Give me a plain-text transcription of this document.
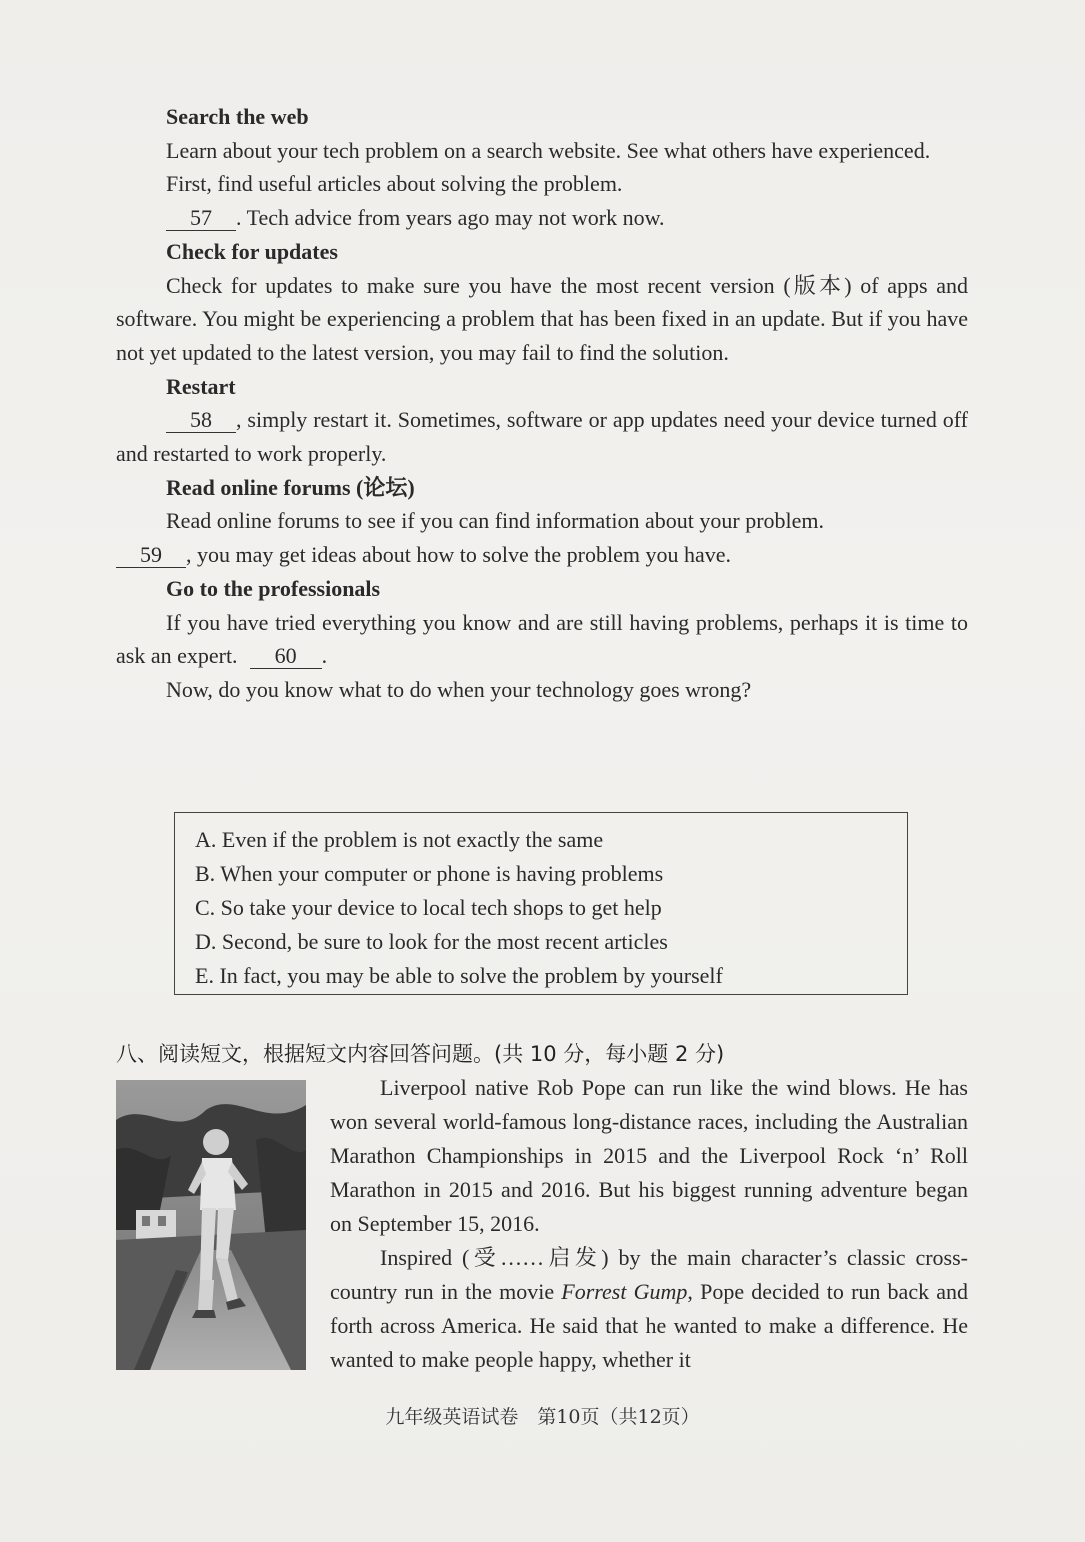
Search the web

Learn about your tech problem on a search website. See what others have experienced.

First, find useful articles about solving the problem.

57 . Tech advice from years ago may not work now.

Check for updates

Check for updates to make sure you have the most recent version (版本) of apps and software. You might be experiencing a problem that has been fixed in an update. But if you have not yet updated to the latest version, you may fail to find the solution.

Restart

58 , simply restart it. Sometimes, software or app updates need your device turned off and restarted to work properly.

Read online forums (论坛)

Read online forums to see if you can find information about your problem.

59 , you may get ideas about how to solve the problem you have.

Go to the professionals

If you have tried everything you know and are still having problems, perhaps it is time to ask an expert. 60 .

Now, do you know what to do when your technology goes wrong?

A. Even if the problem is not exactly the same
B. When your computer or phone is having problems
C. So take your device to local tech shops to get help
D. Second, be sure to look for the most recent articles
E. In fact, you may be able to solve the problem by yourself
八、阅读短文，根据短文内容回答问题。(共 10 分，每小题 2 分)

Liverpool native Rob Pope can run like the wind blows. He has won several world-famous long-distance races, including the Australian Marathon Championships in 2015 and the Liverpool Rock ‘n’ Roll Marathon in 2015 and 2016. But his biggest running adventure began on September 15, 2016.

Inspired (受……启发) by the main character’s classic cross-country run in the movie Forrest Gump, Pope decided to run back and forth across America. He said that he wanted to make a difference. He wanted to make people happy, whether it

九年级英语试卷　第10页（共12页）
